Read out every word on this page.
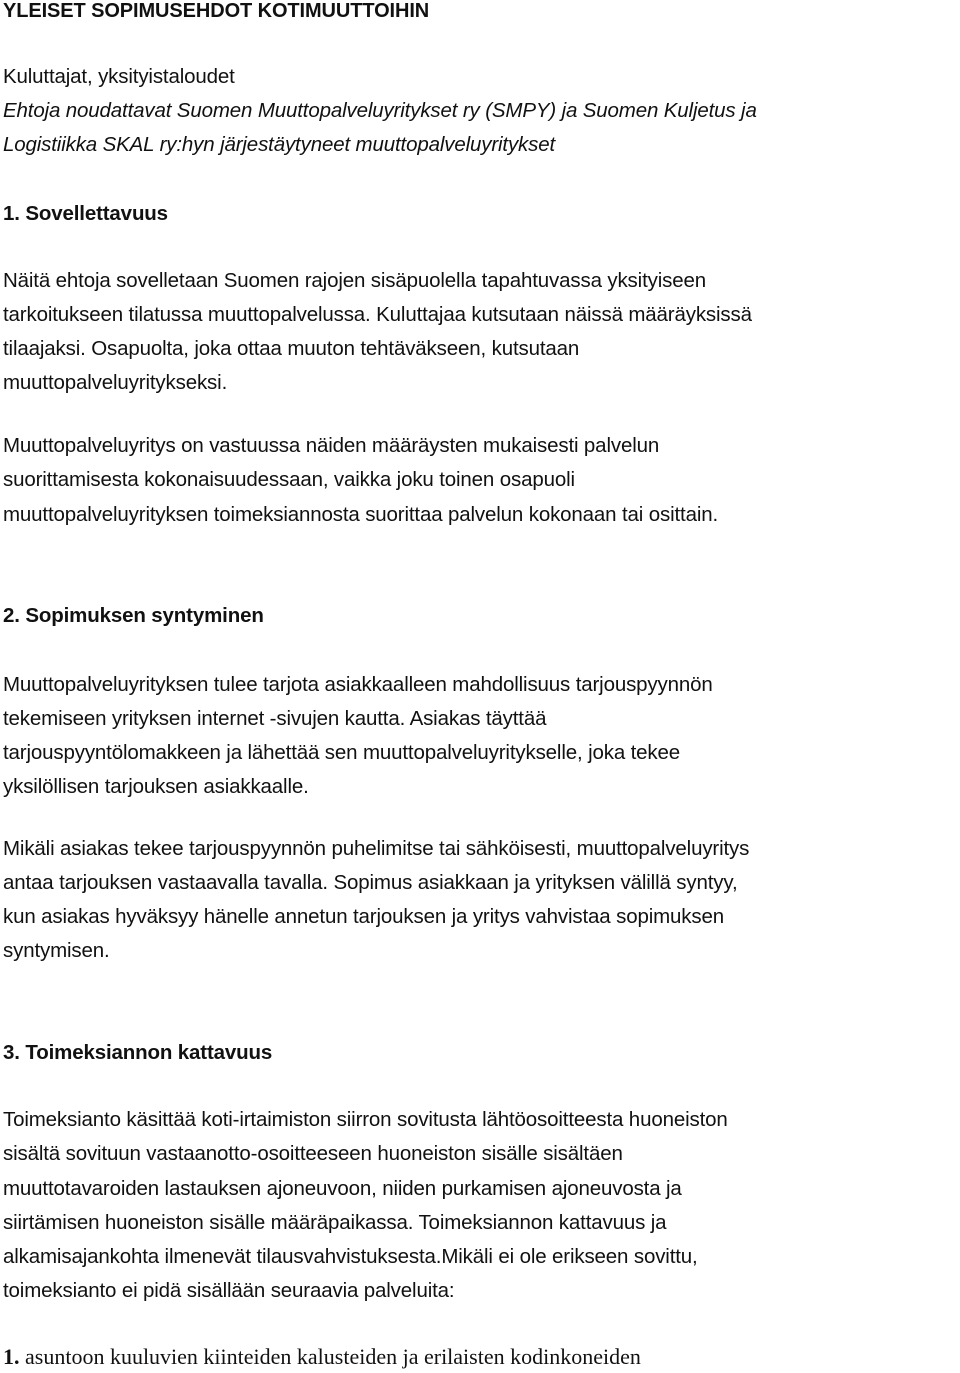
YLEISET SOPIMUSEHDOT KOTIMUUTTOIHIN
Kuluttajat, yksityistaloudet
Ehtoja noudattavat Suomen Muuttopalveluyritykset ry (SMPY) ja Suomen Kuljetus ja
Logistiikka SKAL ry:hyn järjestäytyneet muuttopalveluyritykset
1. Sovellettavuus
Näitä ehtoja sovelletaan Suomen rajojen sisäpuolella tapahtuvassa yksityiseen
tarkoitukseen tilatussa muuttopalvelussa. Kuluttajaa kutsutaan näissä määräyksissä
tilaajaksi. Osapuolta, joka ottaa muuton tehtäväkseen, kutsutaan
muuttopalveluyritykseksi.
Muuttopalveluyritys on vastuussa näiden määräysten mukaisesti palvelun
suorittamisesta kokonaisuudessaan, vaikka joku toinen osapuoli
muuttopalveluyrityksen toimeksiannosta suorittaa palvelun kokonaan tai osittain.
2. Sopimuksen syntyminen
Muuttopalveluyrityksen tulee tarjota asiakkaalleen mahdollisuus tarjouspyynnön
tekemiseen yrityksen internet -sivujen kautta. Asiakas täyttää
tarjouspyyntölomakkeen ja lähettää sen muuttopalveluyritykselle, joka tekee
yksilöllisen tarjouksen asiakkaalle.
Mikäli asiakas tekee tarjouspyynnön puhelimitse tai sähköisesti, muuttopalveluyritys
antaa tarjouksen vastaavalla tavalla. Sopimus asiakkaan ja yrityksen välillä syntyy,
kun asiakas hyväksyy hänelle annetun tarjouksen ja yritys vahvistaa sopimuksen
syntymisen.
3. Toimeksiannon kattavuus
Toimeksianto käsittää koti-irtaimiston siirron sovitusta lähtöosoitteesta huoneiston
sisältä sovituun vastaanotto-osoitteeseen huoneiston sisälle sisältäen
muuttotavaroiden lastauksen ajoneuvoon, niiden purkamisen ajoneuvosta ja
siirtämisen huoneiston sisälle määräpaikassa. Toimeksiannon kattavuus ja
alkamisajankohta ilmenevät tilausvahvistuksesta.Mikäli ei ole erikseen sovittu,
toimeksianto ei pidä sisällään seuraavia palveluita:
1. asuntoon kuuluvien kiinteiden kalusteiden ja erilaisten kodinkoneiden
